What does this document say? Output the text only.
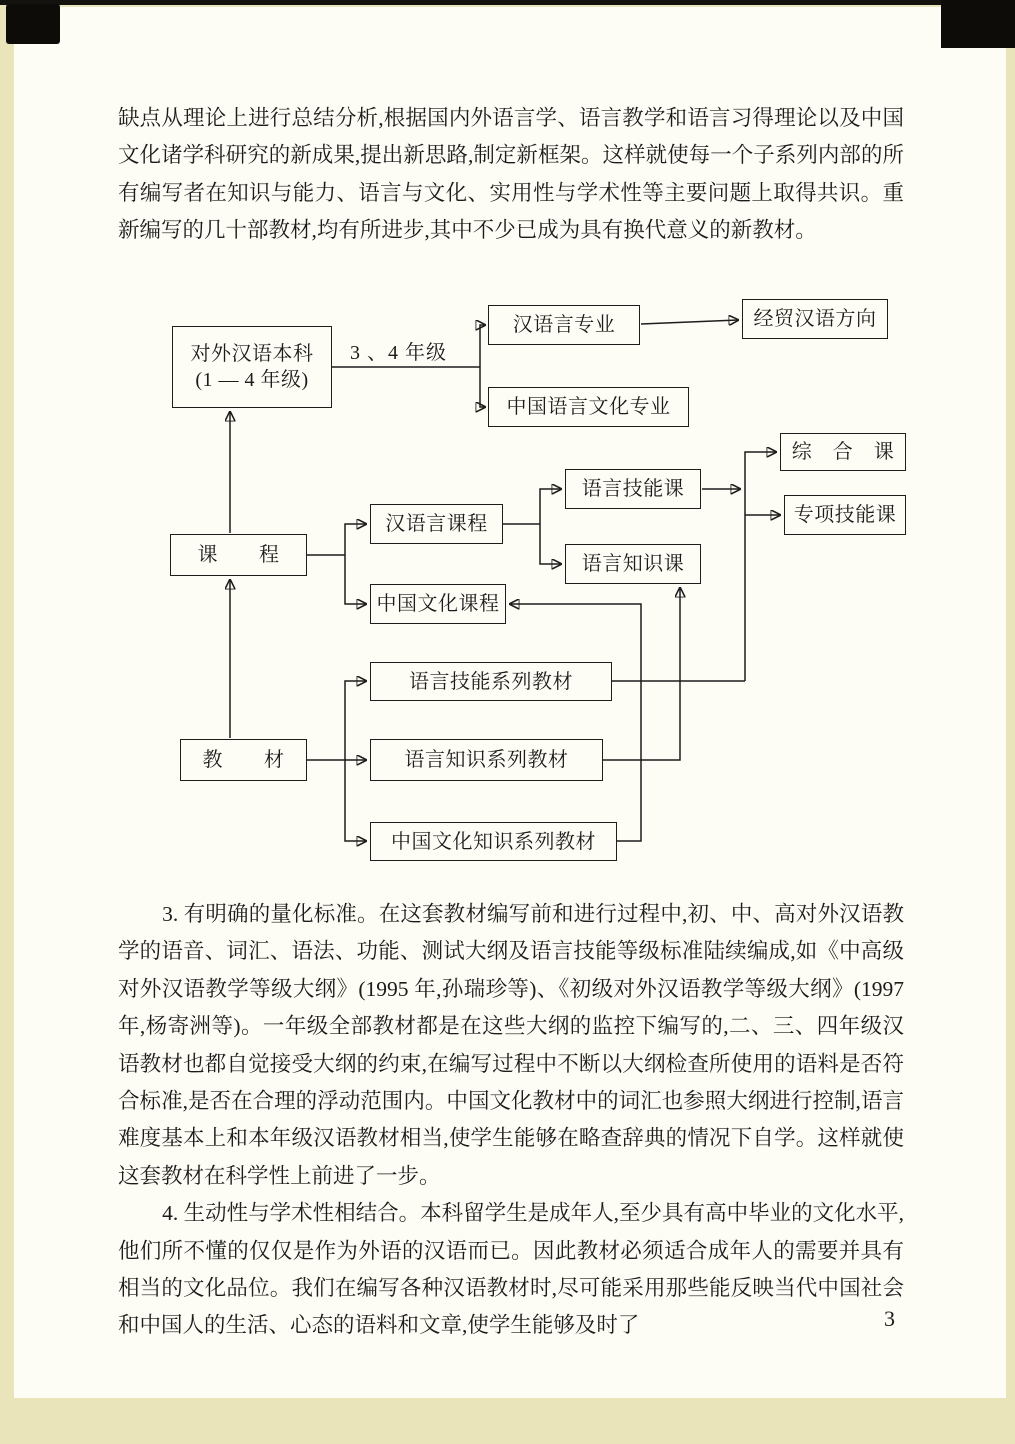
缺点从理论上进行总结分析,根据国内外语言学、语言教学和语言习得理论以及中国文化诸学科研究的新成果,提出新思路,制定新框架。这样就使每一个子系列内部的所有编写者在知识与能力、语言与文化、实用性与学术性等主要问题上取得共识。重新编写的几十部教材,均有所进步,其中不少已成为具有换代意义的新教材。
3 、4 年级
对外汉语本科
(1 — 4 年级)
汉语言专业	经贸汉语方向
中国语言文化专业
综　合　课
语言技能课
专项技能课
汉语言课程
语言知识课
课　　程
中国文化课程
语言技能系列教材
教　　材	语言知识系列教材
中国文化知识系列教材

3. 有明确的量化标准。在这套教材编写前和进行过程中,初、中、高对外汉语教学的语音、词汇、语法、功能、测试大纲及语言技能等级标准陆续编成,如《中高级对外汉语教学等级大纲》(1995 年,孙瑞珍等)、《初级对外汉语教学等级大纲》(1997 年,杨寄洲等)。一年级全部教材都是在这些大纲的监控下编写的,二、三、四年级汉语教材也都自觉接受大纲的约束,在编写过程中不断以大纲检查所使用的语料是否符合标准,是否在合理的浮动范围内。中国文化教材中的词汇也参照大纲进行控制,语言难度基本上和本年级汉语教材相当,使学生能够在略查辞典的情况下自学。这样就使这套教材在科学性上前进了一步。

4. 生动性与学术性相结合。本科留学生是成年人,至少具有高中毕业的文化水平,他们所不懂的仅仅是作为外语的汉语而已。因此教材必须适合成年人的需要并具有相当的文化品位。我们在编写各种汉语教材时,尽可能采用那些能反映当代中国社会和中国人的生活、心态的语料和文章,使学生能够及时了	3
